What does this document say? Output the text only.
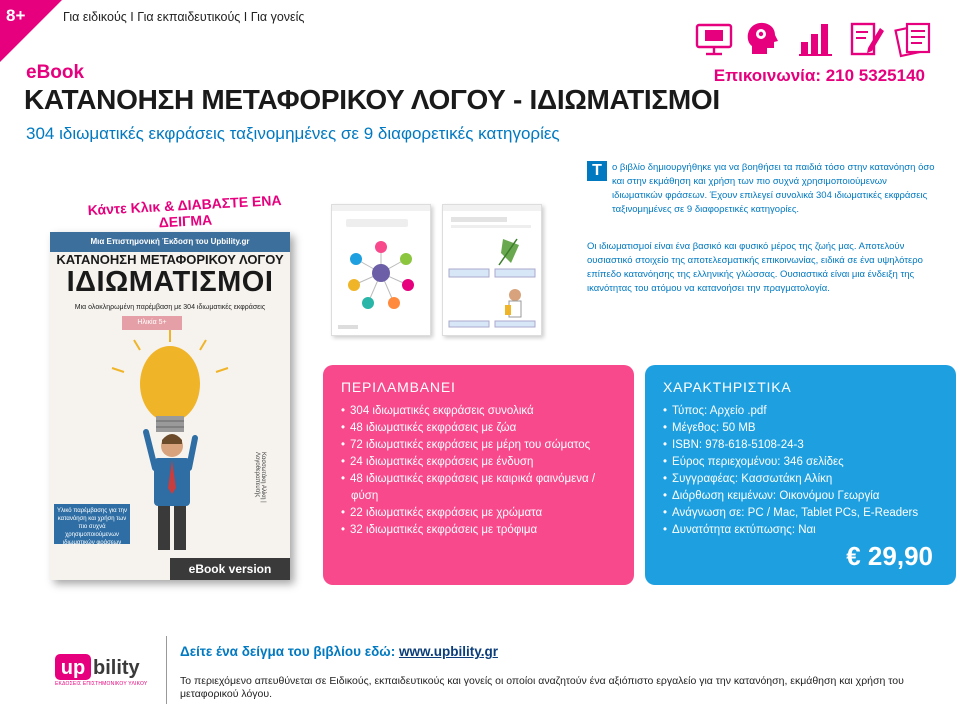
8+	Για ειδικούς I Για εκπαιδευτικούς I Για γονείς
eBook	Επικοινωνία: 210 5325140
ΚΑΤΑΝΟΗΣΗ ΜΕΤΑΦΟΡΙΚΟΥ ΛΟΓΟΥ - ΙΔΙΩΜΑΤΙΣΜΟΙ
304 ιδιωματικές εκφράσεις ταξινομημένες σε 9 διαφορετικές κατηγορίες
Κάντε Κλικ & ΔΙΑΒΑΣΤΕ ΕΝΑ ΔΕΙΓΜΑ
Μια Επιστημονική Έκδοση του Upbility.gr
ΚΑΤΑΝΟΗΣΗ ΜΕΤΑΦΟΡΙΚΟΥ ΛΟΓΟΥ
ΙΔΙΩΜΑΤΙΣΜΟΙ
Μια ολοκληρωμένη παρέμβαση με 304 ιδιωματικές εκφράσεις
Ηλικία 5+
Υλικό παρέμβασης για την κατανόηση και χρήση των πιο συχνά χρησιμοποιούμενων ιδιωματικών φράσεων
Κασσωτάκη Αλίκη | Λογοθεραπευτής
eBook version
Τ	ο βιβλίο δημιουργήθηκε για να βοηθήσει τα παιδιά τόσο στην κατανόηση όσο και στην εκμάθηση και χρήση των πιο συχνά χρησιμοποιούμενων ιδιωματικών φράσεων. Έχουν επιλεγεί συνολικά 304 ιδιωματικές εκφράσεις ταξινομημένες σε 9 διαφορετικές κατηγορίες.
Οι ιδιωματισμοί είναι ένα βασικό και φυσικό μέρος της ζωής μας. Αποτελούν ουσιαστικό στοιχείο της αποτελεσματικής επικοινωνίας, ειδικά σε ένα υψηλότερο επίπεδο κατανόησης της ελληνικής γλώσσας. Ουσιαστικά είναι μια ένδειξη της ικανότητας του ατόμου να κατανοήσει την πραγματολογία.
ΠΕΡΙΛΑΜΒΑΝΕΙ
• 304 ιδιωματικές εκφράσεις συνολικά
• 48 ιδιωματικές εκφράσεις με ζώα
• 72 ιδιωματικές εκφράσεις με μέρη του σώματος
• 24 ιδιωματικές εκφράσεις με ένδυση
• 48 ιδιωματικές εκφράσεις με καιρικά φαινόμενα / φύση
• 22 ιδιωματικές εκφράσεις με χρώματα
• 32 ιδιωματικές εκφράσεις με τρόφιμα
ΧΑΡΑΚΤΗΡΙΣΤΙΚΑ
• Τύπος: Αρχείο .pdf
• Μέγεθος: 50 MB
• ISBN: 978-618-5108-24-3
• Εύρος περιεχομένου: 346 σελίδες
• Συγγραφέας: Κασσωτάκη Αλίκη
• Διόρθωση κειμένων: Οικονόμου Γεωργία
• Ανάγνωση σε: PC / Mac, Tablet PCs, E-Readers
• Δυνατότητα εκτύπωσης: Ναι
€ 29,90
up bility
ΕΚΔΟΣΕΙΣ ΕΠΙΣΤΗΜΟΝΙΚΟΥ ΥΛΙΚΟΥ
Δείτε ένα δείγμα του βιβλίου εδώ: www.upbility.gr
Το περιεχόμενο απευθύνεται σε Ειδικούς, εκπαιδευτικούς και γονείς οι οποίοι αναζητούν ένα αξιόπιστο εργαλείο για την κατανόηση, εκμάθηση και χρήση του μεταφορικού λόγου.
